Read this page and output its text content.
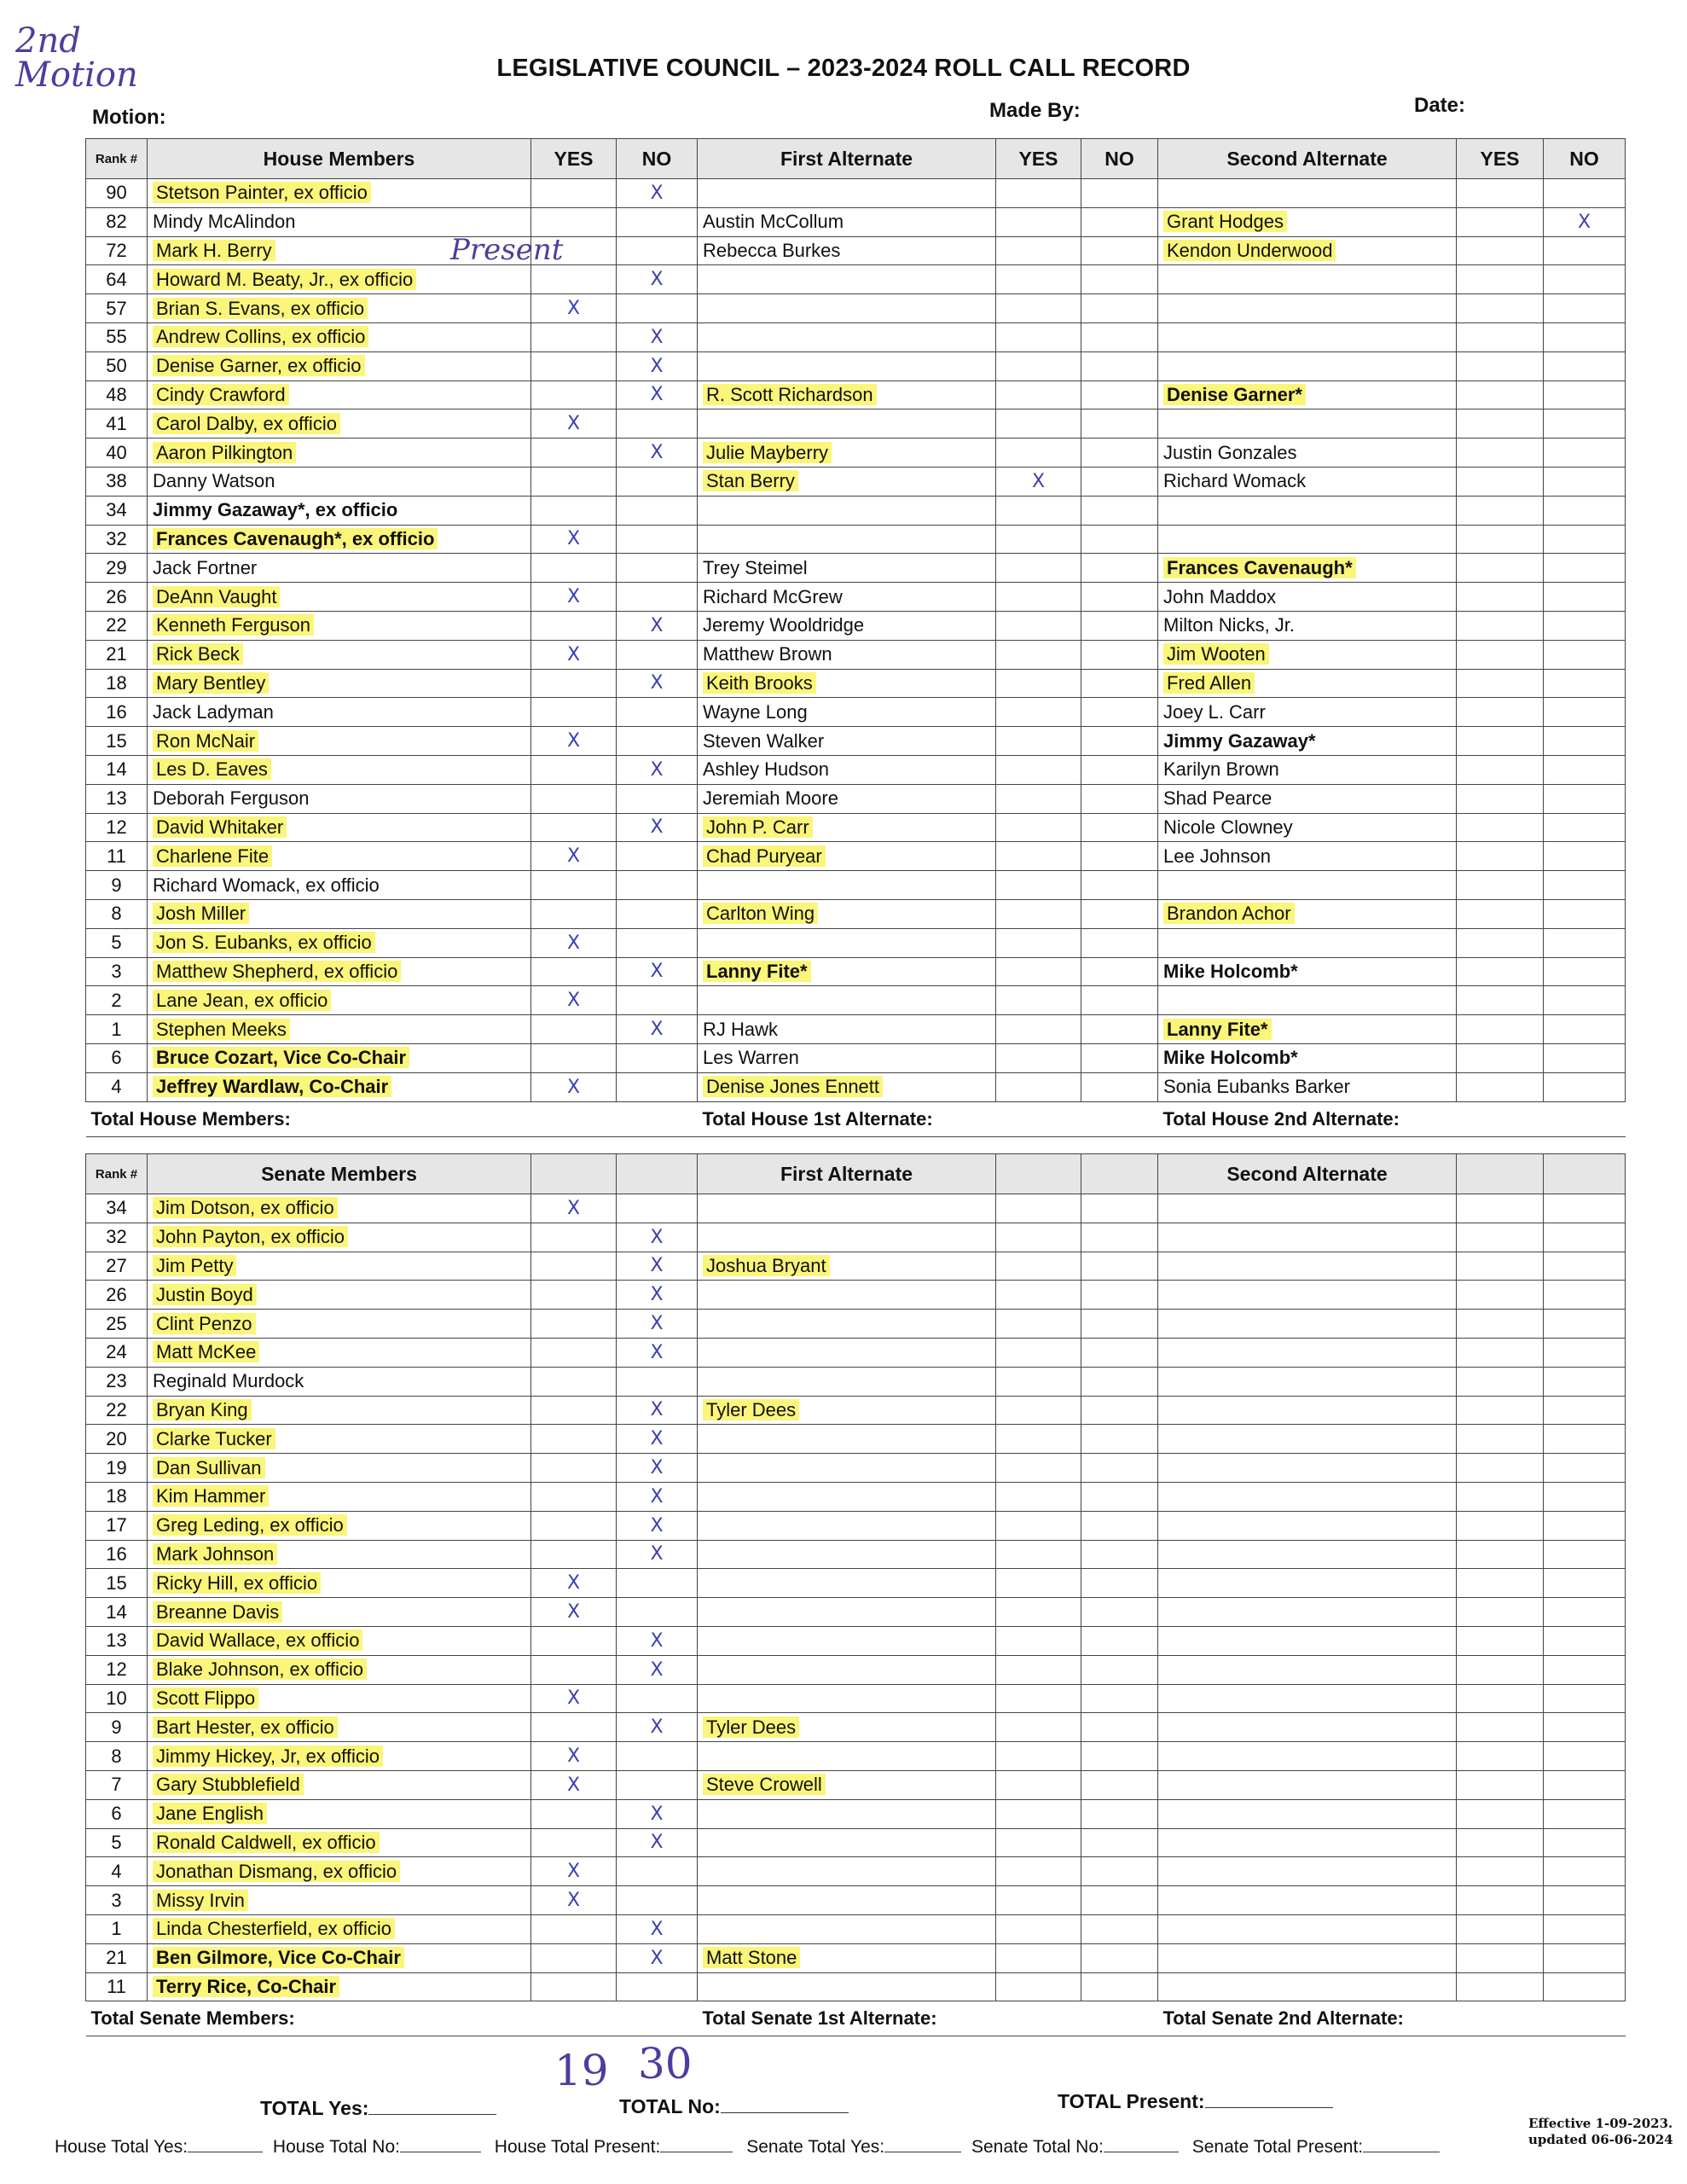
2nd Motion
Present
LEGISLATIVE COUNCIL – 2023-2024 ROLL CALL RECORD
Motion:	Made By:	Date:
Rank #	House Members	YES	NO	First Alternate	YES	NO	Second Alternate	YES	NO
90	Stetson Painter, ex officio		X						
82	Mindy McAlindon			Austin McCollum			Grant Hodges		X
72	Mark H. Berry			Rebecca Burkes			Kendon Underwood		
64	Howard M. Beaty, Jr., ex officio		X						
57	Brian S. Evans, ex officio	X							
55	Andrew Collins, ex officio		X						
50	Denise Garner, ex officio		X						
48	Cindy Crawford		X	R. Scott Richardson			Denise Garner*		
41	Carol Dalby, ex officio	X							
40	Aaron Pilkington		X	Julie Mayberry			Justin Gonzales		
38	Danny Watson			Stan Berry	X		Richard Womack		
34	Jimmy Gazaway*, ex officio								
32	Frances Cavenaugh*, ex officio	X							
29	Jack Fortner			Trey Steimel			Frances Cavenaugh*		
26	DeAnn Vaught	X		Richard McGrew			John Maddox		
22	Kenneth Ferguson		X	Jeremy Wooldridge			Milton Nicks, Jr.		
21	Rick Beck	X		Matthew Brown			Jim Wooten		
18	Mary Bentley		X	Keith Brooks			Fred Allen		
16	Jack Ladyman			Wayne Long			Joey L. Carr		
15	Ron McNair	X		Steven Walker			Jimmy Gazaway*		
14	Les D. Eaves		X	Ashley Hudson			Karilyn Brown		
13	Deborah Ferguson			Jeremiah Moore			Shad Pearce		
12	David Whitaker		X	John P. Carr			Nicole Clowney		
11	Charlene Fite	X		Chad Puryear			Lee Johnson		
9	Richard Womack, ex officio								
8	Josh Miller			Carlton Wing			Brandon Achor		
5	Jon S. Eubanks, ex officio	X							
3	Matthew Shepherd, ex officio		X	Lanny Fite*			Mike Holcomb*		
2	Lane Jean, ex officio	X							
1	Stephen Meeks		X	RJ Hawk			Lanny Fite*		
6	Bruce Cozart, Vice Co-Chair			Les Warren			Mike Holcomb*		
4	Jeffrey Wardlaw, Co-Chair	X		Denise Jones Ennett			Sonia Eubanks Barker		
Total House Members:				Total House 1st Alternate:			Total House 2nd Alternate:		
Rank #	Senate Members			First Alternate			Second Alternate		
34	Jim Dotson, ex officio	X							
32	John Payton, ex officio		X						
27	Jim Petty		X	Joshua Bryant					
26	Justin Boyd		X						
25	Clint Penzo		X						
24	Matt McKee		X						
23	Reginald Murdock								
22	Bryan King		X	Tyler Dees					
20	Clarke Tucker		X						
19	Dan Sullivan		X						
18	Kim Hammer		X						
17	Greg Leding, ex officio		X						
16	Mark Johnson		X						
15	Ricky Hill, ex officio	X							
14	Breanne Davis	X							
13	David Wallace, ex officio		X						
12	Blake Johnson, ex officio		X						
10	Scott Flippo	X							
9	Bart Hester, ex officio		X	Tyler Dees					
8	Jimmy Hickey, Jr, ex officio	X							
7	Gary Stubblefield	X		Steve Crowell					
6	Jane English		X						
5	Ronald Caldwell, ex officio		X						
4	Jonathan Dismang, ex officio	X							
3	Missy Irvin	X							
1	Linda Chesterfield, ex officio		X						
21	Ben Gilmore, Vice Co-Chair		X	Matt Stone					
11	Terry Rice, Co-Chair								
Total Senate Members:				Total Senate 1st Alternate:			Total Senate 2nd Alternate:		
19 30
TOTAL Yes:	TOTAL No:	TOTAL Present:
House Total Yes:	House Total No:	House Total Present:	Senate Total Yes:	Senate Total No:	Senate Total Present:
Effective 1-09-2023.
updated 06-06-2024
